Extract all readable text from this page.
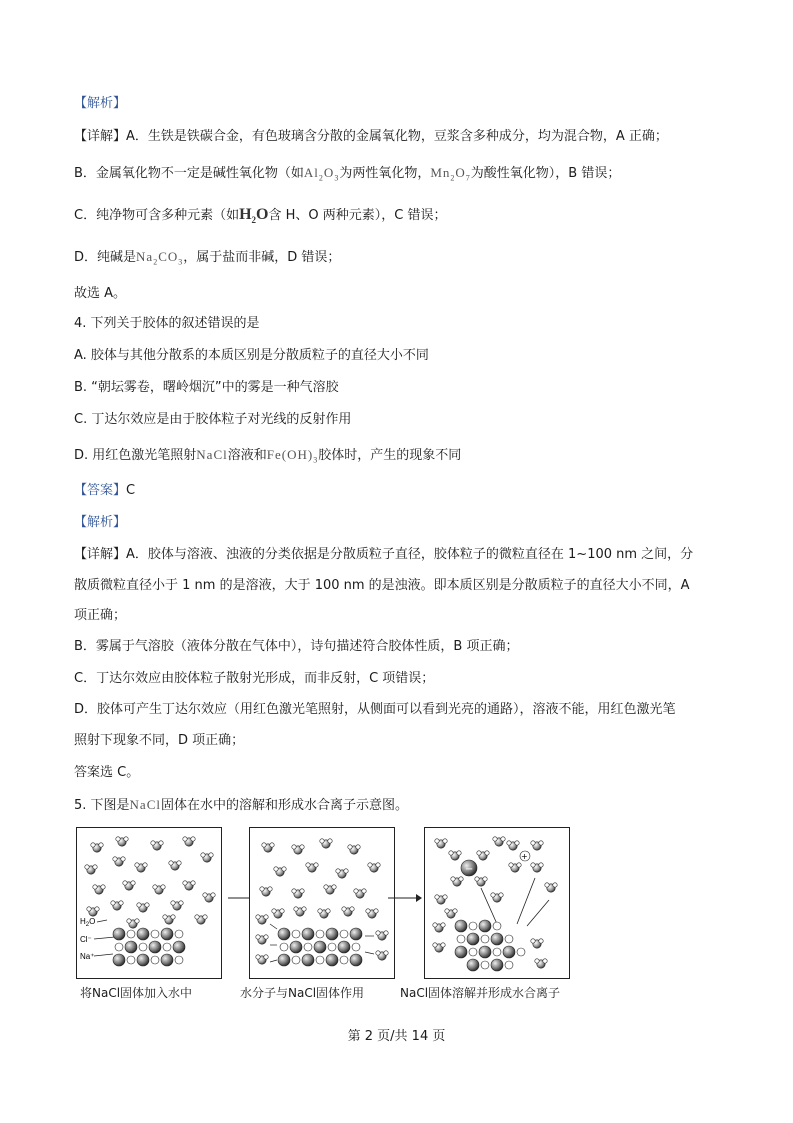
【解析】
【详解】A．生铁是铁碳合金，有色玻璃含分散的金属氧化物，豆浆含多种成分，均为混合物，A 正确；
B．金属氧化物不一定是碱性氧化物（如$Al_2O_3$为两性氧化物，$Mn_2O_7$为酸性氧化物），B 错误；
C．纯净物可含多种元素（如$H_2O$含 H、O 两种元素），C 错误；
D．纯碱是$Na_2CO_3$，属于盐而非碱，D 错误；
故选 A。
4. 下列关于胶体的叙述错误的是
A. 胶体与其他分散系的本质区别是分散质粒子的直径大小不同
B. “朝坛雾卷，曙岭烟沉”中的雾是一种气溶胶
C. 丁达尔效应是由于胶体粒子对光线的反射作用
D. 用红色激光笔照射NaCl溶液和$Fe(OH)_3$胶体时，产生的现象不同
【答案】C
【解析】
【详解】A．胶体与溶液、浊液的分类依据是分散质粒子直径，胶体粒子的微粒直径在 1~100 nm 之间，分
散质微粒直径小于 1 nm 的是溶液，大于 100 nm 的是浊液。即本质区别是分散质粒子的直径大小不同，A
项正确；
B．雾属于气溶胶（液体分散在气体中），诗句描述符合胶体性质，B 项正确；
C．丁达尔效应由胶体粒子散射光形成，而非反射，C 项错误；
D．胶体可产生丁达尔效应（用红色激光笔照射，从侧面可以看到光亮的通路），溶液不能，用红色激光笔
照射下现象不同，D 项正确；
答案选 C。
5. 下图是NaCl固体在水中的溶解和形成水合离子示意图。
$H_2O$
Cl⁻
Na⁺
将NaCl固体加入水中	水分子与NaCl固体作用
−
+
NaCl固体溶解并形成水合离子
第 2 页/共 14 页
